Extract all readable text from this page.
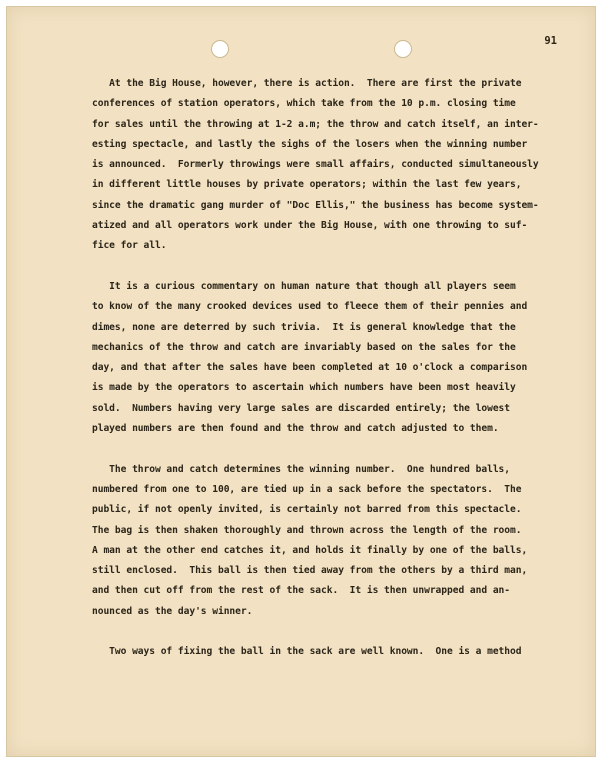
91
At the Big House, however, there is action.  There are first the private
conferences of station operators, which take from the 10 p.m. closing time
for sales until the throwing at 1-2 a.m; the throw and catch itself, an inter-
esting spectacle, and lastly the sighs of the losers when the winning number
is announced.  Formerly throwings were small affairs, conducted simultaneously
in different little houses by private operators; within the last few years,
since the dramatic gang murder of "Doc Ellis," the business has become system-
atized and all operators work under the Big House, with one throwing to suf-
fice for all.
It is a curious commentary on human nature that though all players seem
to know of the many crooked devices used to fleece them of their pennies and
dimes, none are deterred by such trivia.  It is general knowledge that the
mechanics of the throw and catch are invariably based on the sales for the
day, and that after the sales have been completed at 10 o'clock a comparison
is made by the operators to ascertain which numbers have been most heavily
sold.  Numbers having very large sales are discarded entirely; the lowest
played numbers are then found and the throw and catch adjusted to them.
The throw and catch determines the winning number.  One hundred balls,
numbered from one to 100, are tied up in a sack before the spectators.  The
public, if not openly invited, is certainly not barred from this spectacle.
The bag is then shaken thoroughly and thrown across the length of the room.
A man at the other end catches it, and holds it finally by one of the balls,
still enclosed.  This ball is then tied away from the others by a third man,
and then cut off from the rest of the sack.  It is then unwrapped and an-
nounced as the day's winner.
Two ways of fixing the ball in the sack are well known.  One is a method
